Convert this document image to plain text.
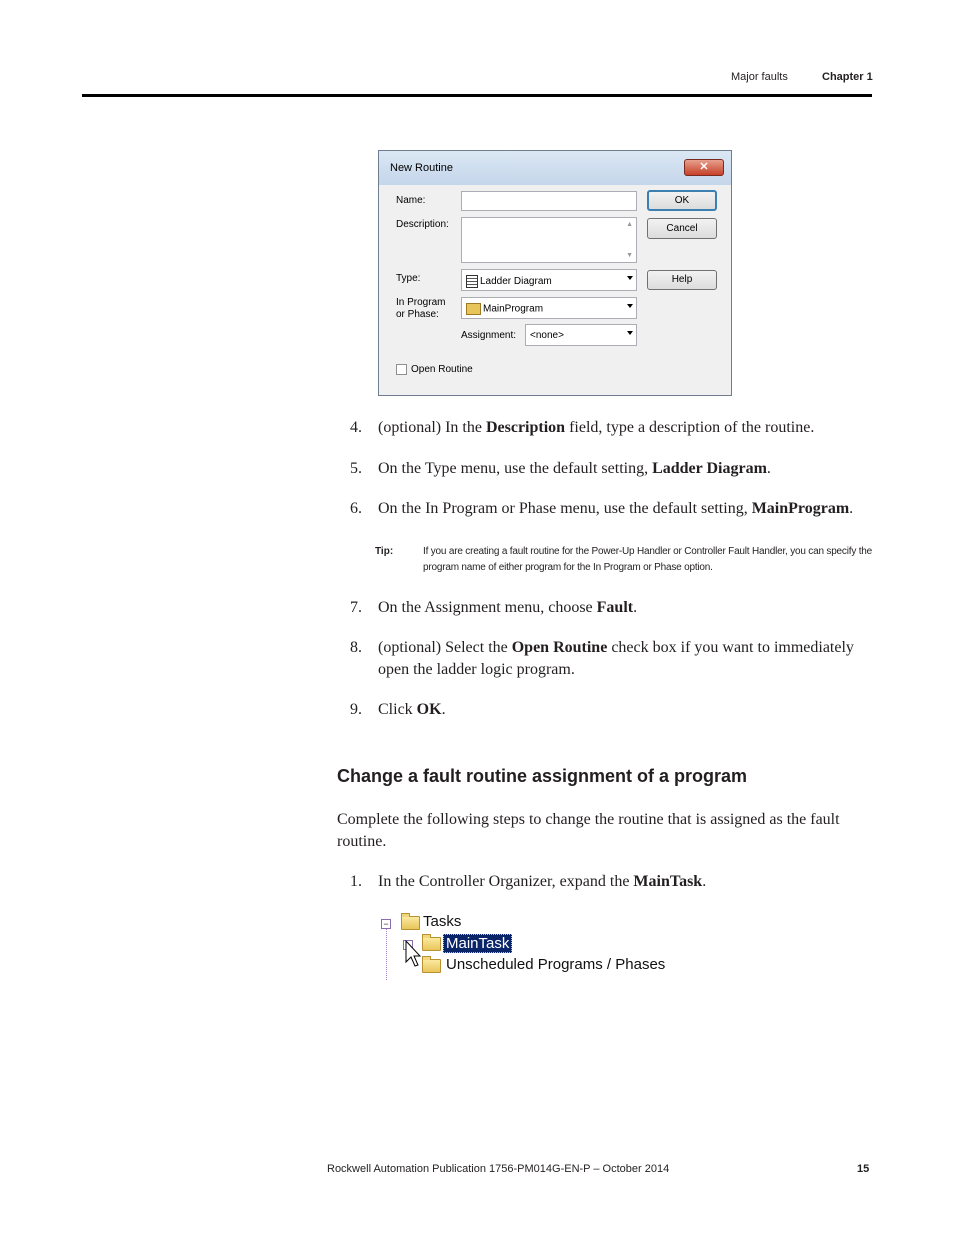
Major faults	Chapter 1
New Routine	✕
Name:	OK
Description:	▲
▼
Cancel
Type:	Ladder Diagram	Help
In Program
or Phase:	MainProgram
Assignment: <none>
Open Routine
4.	(optional) In the Description field, type a description of the routine.
5.	On the Type menu, use the default setting, Ladder Diagram.
6.	On the In Program or Phase menu, use the default setting, MainProgram.
Tip:	If you are creating a fault routine for the Power-Up Handler or Controller Fault Handler, you can specify the program name of either program for the In Program or Phase option.
7.	On the Assignment menu, choose Fault.
8.	(optional) Select the Open Routine check box if you want to immediately open the ladder logic program.
9.	Click OK.
Change a fault routine assignment of a program
Complete the following steps to change the routine that is assigned as the fault routine.
1.	In the Controller Organizer, expand the MainTask.
− Tasks
MainTask
Unscheduled Programs / Phases
Rockwell Automation Publication 1756-PM014G-EN-P – October 2014	15
